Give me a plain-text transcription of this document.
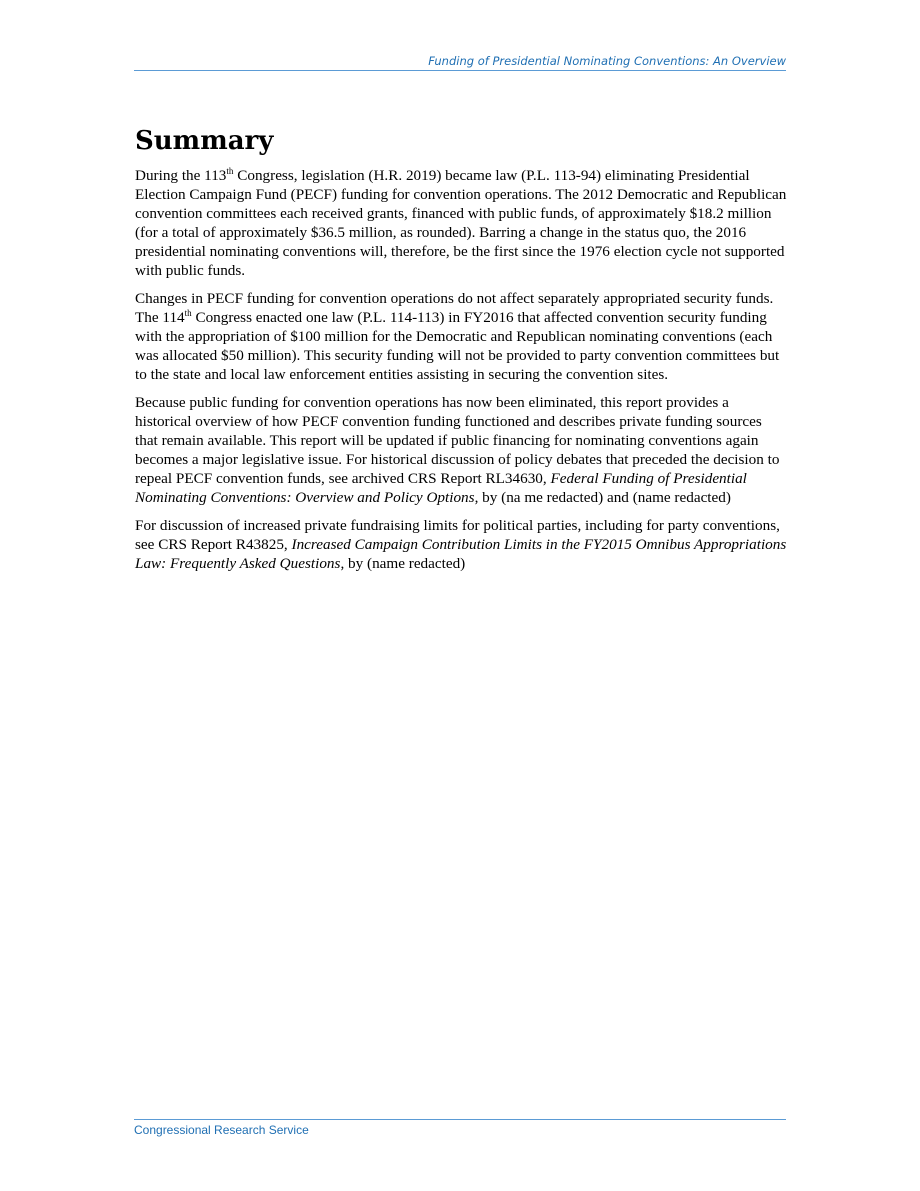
Funding of Presidential Nominating Conventions: An Overview
Summary

During the 113th Congress, legislation (H.R. 2019) became law (P.L. 113-94) eliminating Presidential Election Campaign Fund (PECF) funding for convention operations. The 2012 Democratic and Republican convention committees each received grants, financed with public funds, of approximately $18.2 million (for a total of approximately $36.5 million, as rounded). Barring a change in the status quo, the 2016 presidential nominating conventions will, therefore, be the first since the 1976 election cycle not supported with public funds.

Changes in PECF funding for convention operations do not affect separately appropriated security funds. The 114th Congress enacted one law (P.L. 114-113) in FY2016 that affected convention security funding with the appropriation of $100 million for the Democratic and Republican nominating conventions (each was allocated $50 million). This security funding will not be provided to party convention committees but to the state and local law enforcement entities assisting in securing the convention sites.

Because public funding for convention operations has now been eliminated, this report provides a historical overview of how PECF convention funding functioned and describes private funding sources that remain available. This report will be updated if public financing for nominating conventions again becomes a major legislative issue. For historical discussion of policy debates that preceded the decision to repeal PECF convention funds, see archived CRS Report RL34630, Federal Funding of Presidential Nominating Conventions: Overview and Policy Options, by (na me redacted) and (name redacted)

For discussion of increased private fundraising limits for political parties, including for party conventions, see CRS Report R43825, Increased Campaign Contribution Limits in the FY2015 Omnibus Appropriations Law: Frequently Asked Questions, by (name redacted)

Congressional Research Service
